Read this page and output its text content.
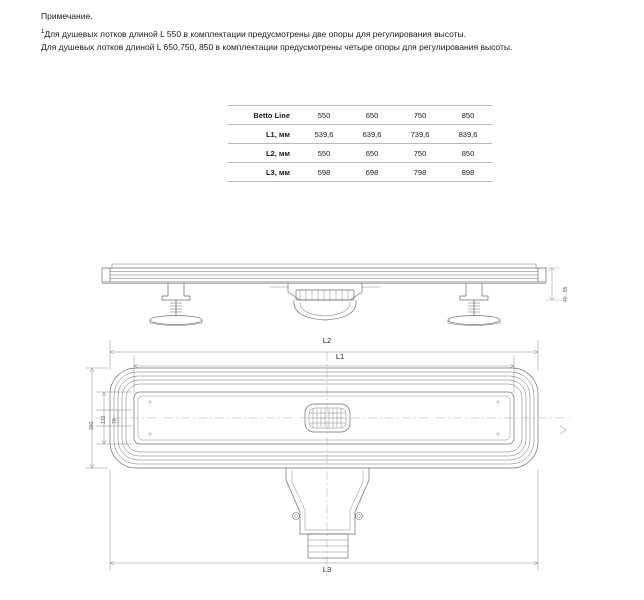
Примечание.
$^1$Для душевых лотков длиной L 550 в комплектации предусмотрены две опоры для регулирования высоты.
Для душевых лотков длиной L 650,750, 850 в комплектации предусмотрены четыре опоры для регулирования высоты.
Betto Line	550	650	750	850
L1, мм	539,6	639,6	739,6	839,6
L2, мм	550	650	750	850
L3, мм	598	698	798	898
L2
L1
L3
40...55
172
260
70
